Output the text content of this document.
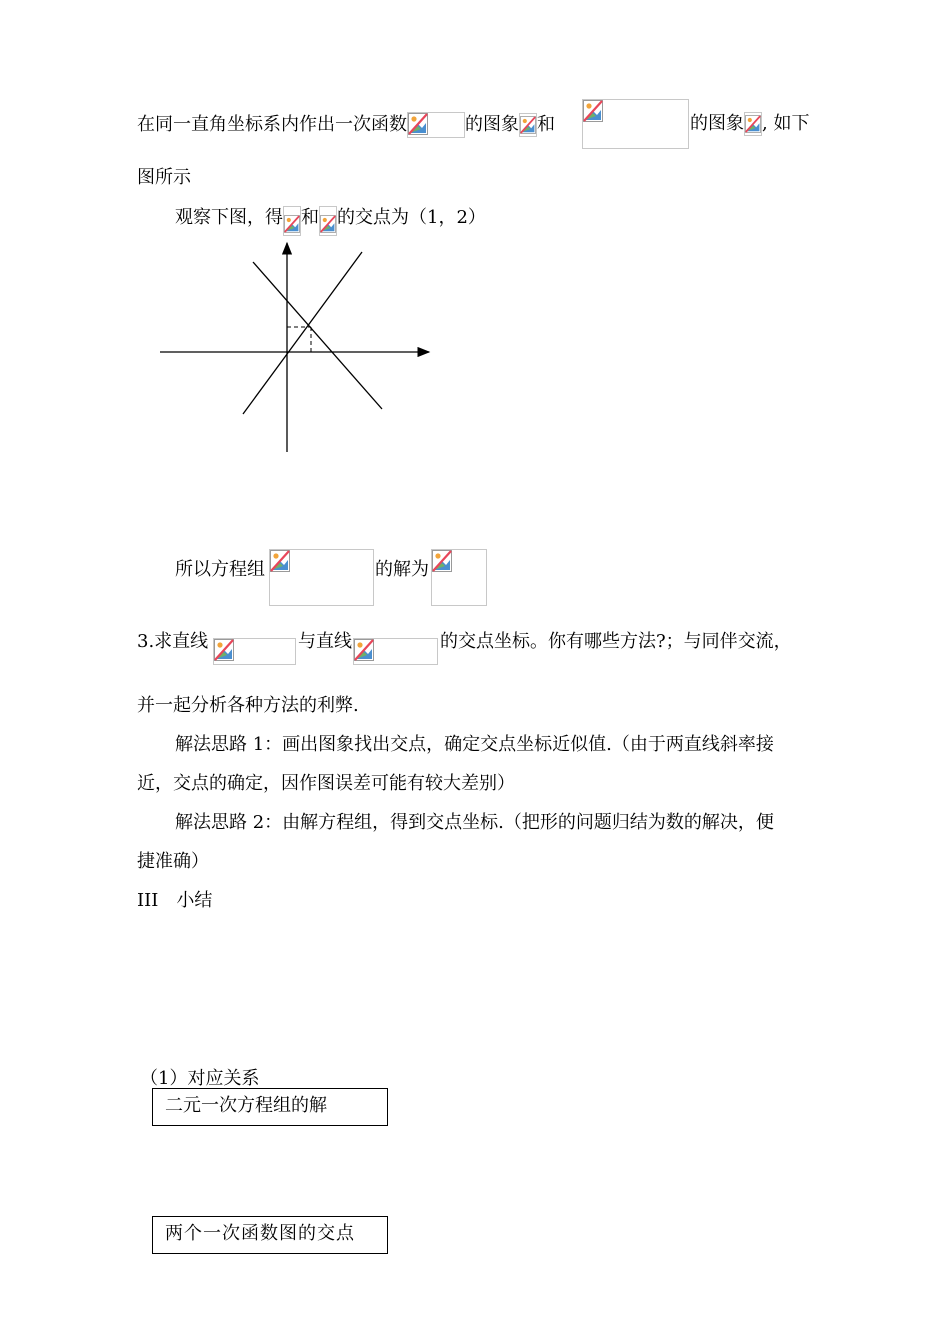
在同一直角坐标系内作出一次函数	的图象 和	的图象 , 如下
图所示
观察下图，得 和 的交点为（1，2）
所以方程组	的解为
3.求直线	与直线	的交点坐标。你有哪些方法?；与同伴交流，
并一起分析各种方法的利弊.
解法思路 1：画出图象找出交点，确定交点坐标近似值.（由于两直线斜率接
近，交点的确定，因作图误差可能有较大差别）
解法思路 2：由解方程组，得到交点坐标.（把形的问题归结为数的解决，便
捷准确）
III　小结
（1）对应关系
二元一次方程组的解
两个一次函数图的交点
